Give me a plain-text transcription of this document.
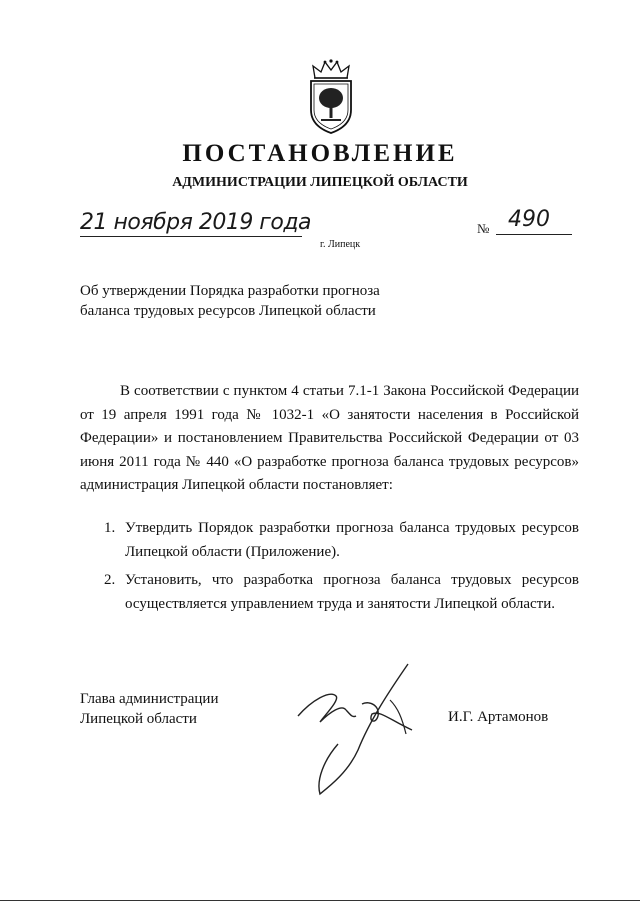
ПОСТАНОВЛЕНИЕ
АДМИНИСТРАЦИИ ЛИПЕЦКОЙ ОБЛАСТИ
21 ноября 2019 года
г. Липецк
№ 490
Об утверждении Порядка разработки прогноза
баланса трудовых ресурсов Липецкой области

В соответствии с пунктом 4 статьи 7.1-1 Закона Российской Федерации от 19 апреля 1991 года № 1032-1 «О занятости населения в Российской Федерации» и постановлением Правительства Российской Федерации от 03 июня 2011 года № 440 «О разработке прогноза баланса трудовых ресурсов» администрация Липецкой области постановляет:

1. Утвердить Порядок разработки прогноза баланса трудовых ресурсов Липецкой области (Приложение).
2. Установить, что разработка прогноза баланса трудовых ресурсов осуществляется управлением труда и занятости Липецкой области.
Глава администрации
Липецкой области	И.Г. Артамонов
